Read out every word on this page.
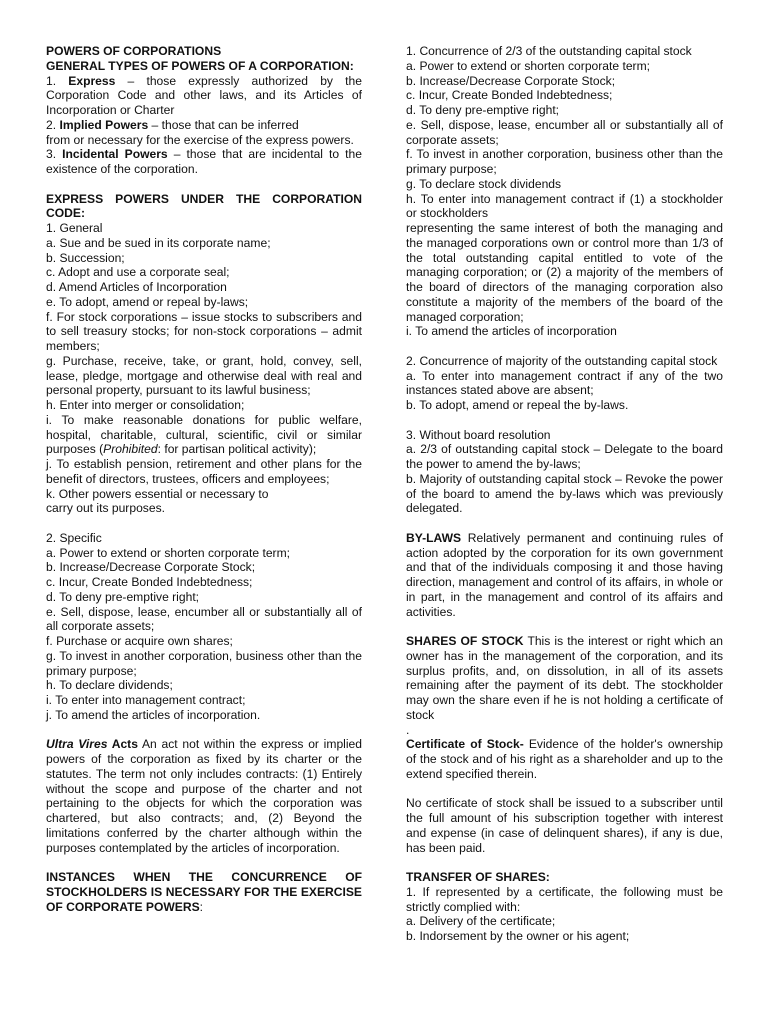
POWERS OF CORPORATIONS

GENERAL TYPES OF POWERS OF A CORPORATION:

1. Express – those expressly authorized by the Corporation Code and other laws, and its Articles of Incorporation or Charter

2. Implied Powers – those that can be inferred

from or necessary for the exercise of the express powers.

3. Incidental Powers – those that are incidental to the existence of the corporation.

EXPRESS POWERS UNDER THE CORPORATION CODE:

1. General

a. Sue and be sued in its corporate name;

b. Succession;

c. Adopt and use a corporate seal;

d. Amend Articles of Incorporation

e. To adopt, amend or repeal by-laws;

f. For stock corporations – issue stocks to subscribers and to sell treasury stocks; for non-stock corporations – admit members;

g. Purchase, receive, take, or grant, hold, convey, sell, lease, pledge, mortgage and otherwise deal with real and personal property, pursuant to its lawful business;

h. Enter into merger or consolidation;

i. To make reasonable donations for public welfare, hospital, charitable, cultural, scientific, civil or similar purposes (Prohibited: for partisan political activity);

j. To establish pension, retirement and other plans for the benefit of directors, trustees, officers and employees;

k. Other powers essential or necessary to

carry out its purposes.

2. Specific

a. Power to extend or shorten corporate term;

b. Increase/Decrease Corporate Stock;

c. Incur, Create Bonded Indebtedness;

d. To deny pre-emptive right;

e. Sell, dispose, lease, encumber all or substantially all of all corporate assets;

f. Purchase or acquire own shares;

g. To invest in another corporation, business other than the primary purpose;

h. To declare dividends;

i. To enter into management contract;

j. To amend the articles of incorporation.

Ultra Vires Acts An act not within the express or implied powers of the corporation as fixed by its charter or the statutes. The term not only includes contracts: (1) Entirely without the scope and purpose of the charter and not pertaining to the objects for which the corporation was chartered, but also contracts; and, (2) Beyond the limitations conferred by the charter although within the purposes contemplated by the articles of incorporation.

INSTANCES WHEN THE CONCURRENCE OF STOCKHOLDERS IS NECESSARY FOR THE EXERCISE OF CORPORATE POWERS:

1. Concurrence of 2/3 of the outstanding capital stock

a. Power to extend or shorten corporate term;

b. Increase/Decrease Corporate Stock;

c. Incur, Create Bonded Indebtedness;

d. To deny pre-emptive right;

e. Sell, dispose, lease, encumber all or substantially all of corporate assets;

f. To invest in another corporation, business other than the primary purpose;

g. To declare stock dividends

h. To enter into management contract if (1) a stockholder or stockholders

representing the same interest of both the managing and the managed corporations own or control more than 1/3 of the total outstanding capital entitled to vote of the managing corporation; or (2) a majority of the members of the board of directors of the managing corporation also constitute a majority of the members of the board of the managed corporation;

i. To amend the articles of incorporation

2. Concurrence of majority of the outstanding capital stock

a. To enter into management contract if any of the two instances stated above are absent;

b. To adopt, amend or repeal the by-laws.

3. Without board resolution

a. 2/3 of outstanding capital stock – Delegate to the board the power to amend the by-laws;

b. Majority of outstanding capital stock – Revoke the power of the board to amend the by-laws which was previously delegated.

BY-LAWS Relatively permanent and continuing rules of action adopted by the corporation for its own government and that of the individuals composing it and those having direction, management and control of its affairs, in whole or in part, in the management and control of its affairs and activities.

SHARES OF STOCK This is the interest or right which an owner has in the management of the corporation, and its surplus profits, and, on dissolution, in all of its assets remaining after the payment of its debt. The stockholder may own the share even if he is not holding a certificate of stock

.

Certificate of Stock- Evidence of the holder's ownership of the stock and of his right as a shareholder and up to the extend specified therein.

No certificate of stock shall be issued to a subscriber until the full amount of his subscription together with interest and expense (in case of delinquent shares), if any is due, has been paid.

TRANSFER OF SHARES:

1. If represented by a certificate, the following must be strictly complied with:

a. Delivery of the certificate;

b. Indorsement by the owner or his agent;
